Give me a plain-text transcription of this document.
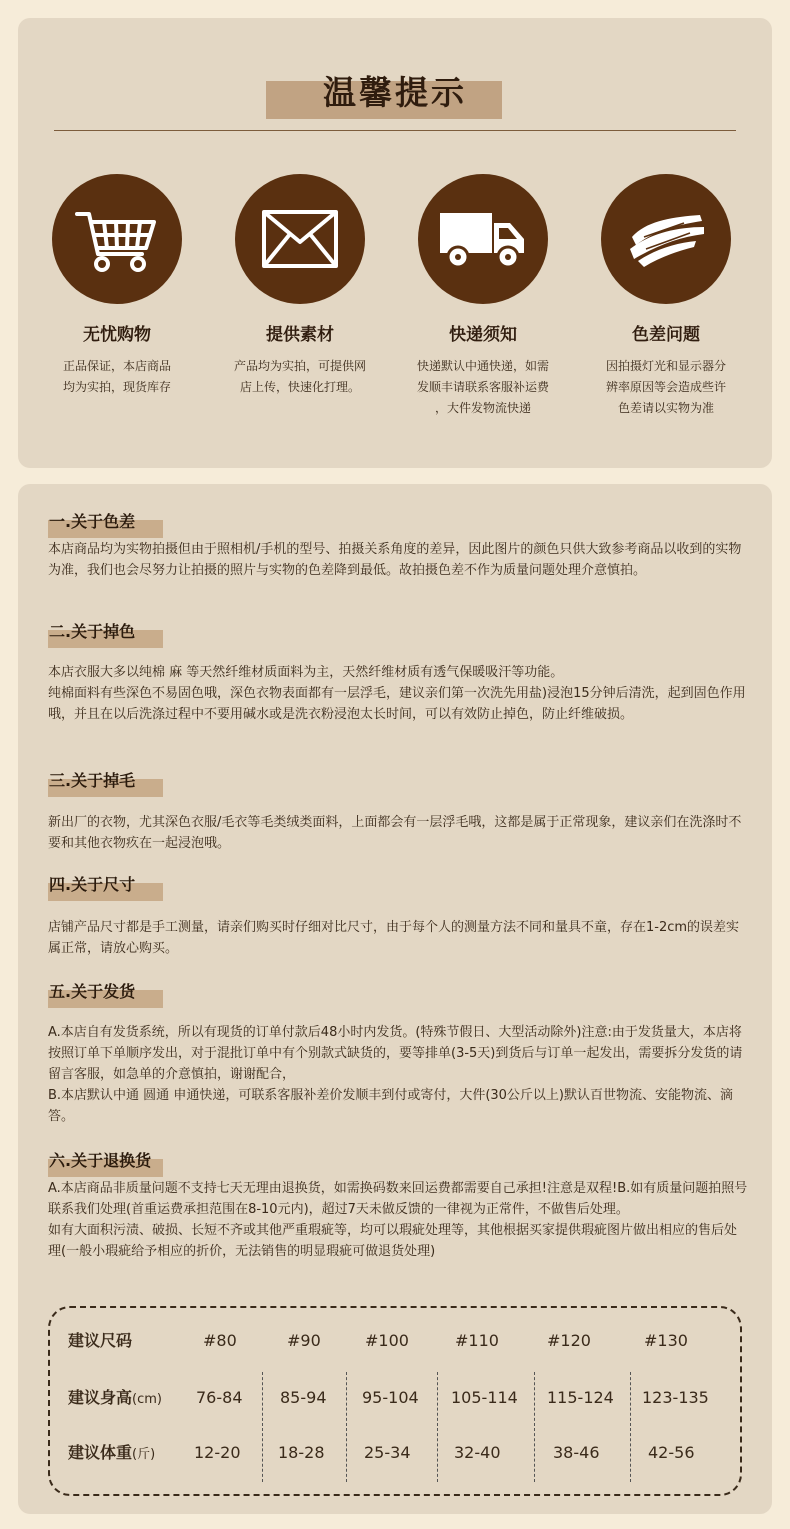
温馨提示
无忧购物
正品保证，本店商品
均为实拍，现货库存
提供素材
产品均为实拍，可提供网
店上传，快速化打理。
快递须知
快递默认中通快递，如需
发顺丰请联系客服补运费
，大件发物流快递
色差问题
因拍摄灯光和显示器分
辨率原因等会造成些许
色差请以实物为准
一.关于色差

本店商品均为实物拍摄但由于照相机/手机的型号、拍摄关系角度的差异，因此图片的颜色只供大致参考商品以收到的实物为准，我们也会尽努力让拍摄的照片与实物的色差降到最低。故拍摄色差不作为质量问题处理介意慎拍。

二.关于掉色

本店衣服大多以纯棉 麻 等天然纤维材质面料为主，天然纤维材质有透气保暖吸汗等功能。

纯棉面料有些深色不易固色哦，深色衣物表面都有一层浮毛，建议亲们第一次洗先用盐)浸泡15分钟后清洗，起到固色作用哦，并且在以后洗涤过程中不要用碱水或是洗衣粉浸泡太长时间，可以有效防止掉色，防止纤维破损。

三.关于掉毛

新出厂的衣物，尤其深色衣服/毛衣等毛类绒类面料，上面都会有一层浮毛哦，这都是属于正常现象，建议亲们在洗涤时不要和其他衣物疚在一起浸泡哦。

四.关于尺寸

店铺产品尺寸都是手工测量，请亲们购买时仔细对比尺寸，由于每个人的测量方法不同和量具不童，存在1-2cm的误差实属正常，请放心购买。

五.关于发货

A.本店自有发货系统，所以有现货的订单付款后48小时内发货。(特殊节假日、大型活动除外)注意:由于发货量大，本店将按照订单下单顺序发出，对于混批订单中有个别款式缺货的，要等排单(3-5天)到货后与订单一起发出，需要拆分发货的请留言客服，如急单的介意慎拍，谢谢配合，

B.本店默认中通 圆通 申通快递，可联系客服补差价发顺丰到付或寄付，大件(30公斤以上)默认百世物流、安能物流、滴答。

六.关于退换货

A.本店商品非质量问题不支持七天无理由退换货，如需换码数来回运费都需要自己承担!注意是双程!B.如有质量问题拍照号联系我们处理(首重运费承担范围在8-10元内)，超过7天未做反馈的一律视为正常件，不做售后处理。

如有大面积污渍、破损、长短不齐或其他严重瑕疵等，均可以瑕疵处理等，其他根据买家提供瑕疵图片做出相应的售后处理(一般小瑕疵给予相应的折价，无法销售的明显瑕疵可做退货处理)

建议尺码	#80	#90	#100	#110	#120	#130
建议身高(cm) 76-84 85-94 95-104 105-114 115-124 123-135
建议体重(斤) 12-20 18-28 25-34	32-40	38-46	42-56
